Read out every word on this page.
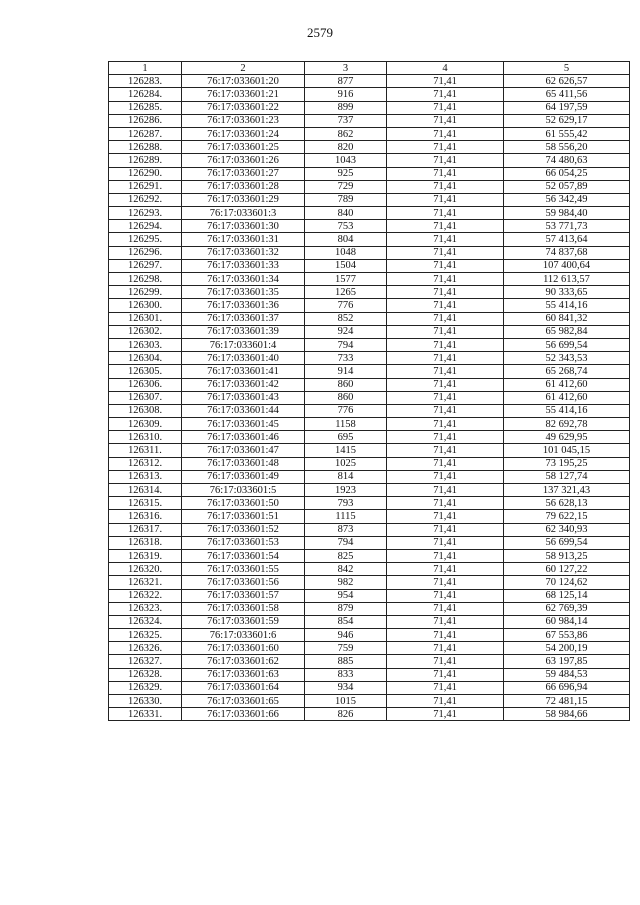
2579
1	2	3	4	5
126283.	76:17:033601:20	877	71,41	62 626,57
126284.	76:17:033601:21	916	71,41	65 411,56
126285.	76:17:033601:22	899	71,41	64 197,59
126286.	76:17:033601:23	737	71,41	52 629,17
126287.	76:17:033601:24	862	71,41	61 555,42
126288.	76:17:033601:25	820	71,41	58 556,20
126289.	76:17:033601:26	1043	71,41	74 480,63
126290.	76:17:033601:27	925	71,41	66 054,25
126291.	76:17:033601:28	729	71,41	52 057,89
126292.	76:17:033601:29	789	71,41	56 342,49
126293.	76:17:033601:3	840	71,41	59 984,40
126294.	76:17:033601:30	753	71,41	53 771,73
126295.	76:17:033601:31	804	71,41	57 413,64
126296.	76:17:033601:32	1048	71,41	74 837,68
126297.	76:17:033601:33	1504	71,41	107 400,64
126298.	76:17:033601:34	1577	71,41	112 613,57
126299.	76:17:033601:35	1265	71,41	90 333,65
126300.	76:17:033601:36	776	71,41	55 414,16
126301.	76:17:033601:37	852	71,41	60 841,32
126302.	76:17:033601:39	924	71,41	65 982,84
126303.	76:17:033601:4	794	71,41	56 699,54
126304.	76:17:033601:40	733	71,41	52 343,53
126305.	76:17:033601:41	914	71,41	65 268,74
126306.	76:17:033601:42	860	71,41	61 412,60
126307.	76:17:033601:43	860	71,41	61 412,60
126308.	76:17:033601:44	776	71,41	55 414,16
126309.	76:17:033601:45	1158	71,41	82 692,78
126310.	76:17:033601:46	695	71,41	49 629,95
126311.	76:17:033601:47	1415	71,41	101 045,15
126312.	76:17:033601:48	1025	71,41	73 195,25
126313.	76:17:033601:49	814	71,41	58 127,74
126314.	76:17:033601:5	1923	71,41	137 321,43
126315.	76:17:033601:50	793	71,41	56 628,13
126316.	76:17:033601:51	1115	71,41	79 622,15
126317.	76:17:033601:52	873	71,41	62 340,93
126318.	76:17:033601:53	794	71,41	56 699,54
126319.	76:17:033601:54	825	71,41	58 913,25
126320.	76:17:033601:55	842	71,41	60 127,22
126321.	76:17:033601:56	982	71,41	70 124,62
126322.	76:17:033601:57	954	71,41	68 125,14
126323.	76:17:033601:58	879	71,41	62 769,39
126324.	76:17:033601:59	854	71,41	60 984,14
126325.	76:17:033601:6	946	71,41	67 553,86
126326.	76:17:033601:60	759	71,41	54 200,19
126327.	76:17:033601:62	885	71,41	63 197,85
126328.	76:17:033601:63	833	71,41	59 484,53
126329.	76:17:033601:64	934	71,41	66 696,94
126330.	76:17:033601:65	1015	71,41	72 481,15
126331.	76:17:033601:66	826	71,41	58 984,66
